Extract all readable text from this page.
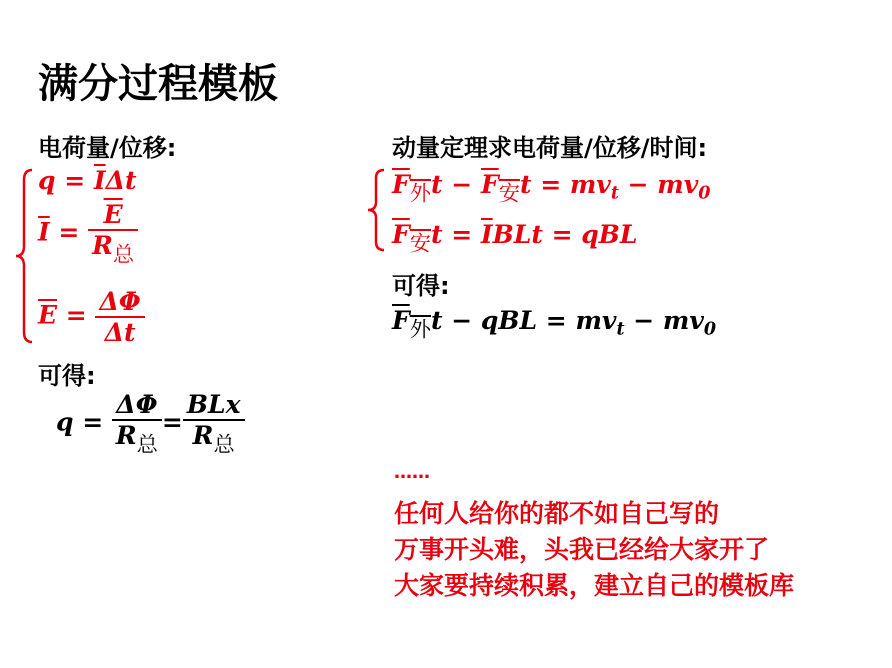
满分过程模板
电荷量/位移:
$q = \overline{I}\Delta t$
$\overline{I} = \frac{\overline{E}}{R_总}$
$\overline{E} = \frac{\Delta\Phi}{\Delta t}$
可得:
$q = \frac{\Delta\Phi}{R_总} = \frac{\text{BLx}}{R_总}$
动量定理求电荷量/位移/时间:
$F_外t - F_安t = mv_t - mv_0$
$F_安t = \overline{I}BLt$ = qBL
可得:
$F_外t$ − qBL = $mv_t - mv_0$
……
任何人给你的都不如自己写的
万事开头难，头我已经给大家开了
大家要持续积累，建立自己的模板库
